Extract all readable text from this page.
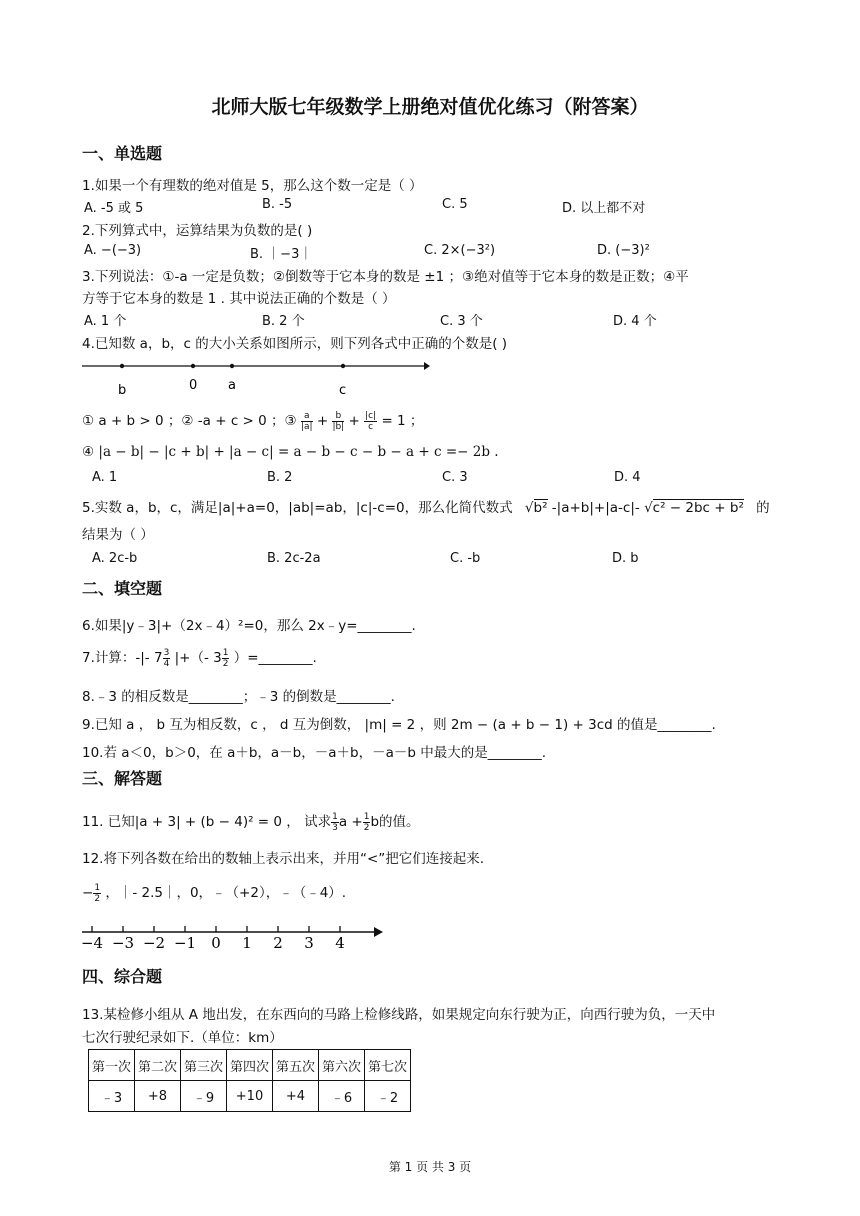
北师大版七年级数学上册绝对值优化练习（附答案）
一、单选题
1.如果一个有理数的绝对值是 5，那么这个数一定是（ ）
A. -5 或 5	B. -5	C. 5	D. 以上都不对
2.下列算式中，运算结果为负数的是( )
A. −(−3)	B. ｜−3｜	C. 2×(−3²)	D. (−3)²
3.下列说法：①-a 一定是负数；②倒数等于它本身的数是 ±1 ；③绝对值等于它本身的数是正数；④平
方等于它本身的数是 1 . 其中说法正确的个数是（ ）
A. 1 个	B. 2 个	C. 3 个	D. 4 个
4.已知数 a，b，c 的大小关系如图所示，则下列各式中正确的个数是( )
b	0 a	c
① a + b > 0 ；② -a + c > 0 ；③ $\frac{a}{|a|} + \frac{b}{|b|} + \frac{|c|}{c} = 1$ ；
④ |a − b| − |c + b| + |a − c| = a − b − c − b − a + c =− 2b .
A. 1	B. 2	C. 3	D. 4
5.实数 a，b，c，满足|a|+a=0，|ab|=ab，|c|-c=0，那么化简代数式 √b² -|a+b|+|a-c|- √c² − 2bc + b² 的
结果为（ ）
A. 2c-b	B. 2c-2a	C. -b	D. b
二、填空题
6.如果|y﹣3|+（2x﹣4）²=0，那么 2x﹣y=________.
7.计算：-|- $7 \frac{3}{4}$ |+（- $3 \frac{1}{2}$ ）=________.
8.﹣3 的相反数是________；﹣3 的倒数是________.
9.已知 a ， b 互为相反数，c ， d 互为倒数， |m| = 2 ，则 2m − (a + b − 1) + 3cd 的值是________.
10.若 a＜0，b＞0，在 a＋b，a－b，－a＋b，－a－b 中最大的是________.
三、解答题
11. 已知|a + 3| + (b − 4)² = 0 ， 试求 $\frac{1}{3}$ $a + \frac{1}{2}$ b的值。
12.将下列各数在给出的数轴上表示出来，并用“<”把它们连接起来.
− $\frac{1}{2}$ ，｜- 2.5｜，0，﹣（+2），﹣（﹣4）.
−4 −3 −2 −1 0 1 2 3 4
四、综合题
13.某检修小组从 A 地出发，在东西向的马路上检修线路，如果规定向东行驶为正，向西行驶为负，一天中
七次行驶纪录如下.（单位：km）
第一次	第二次	第三次	第四次	第五次	第六次	第七次
﹣3	+8	﹣9	+10	+4	﹣6	﹣2
第 1 页 共 3 页
